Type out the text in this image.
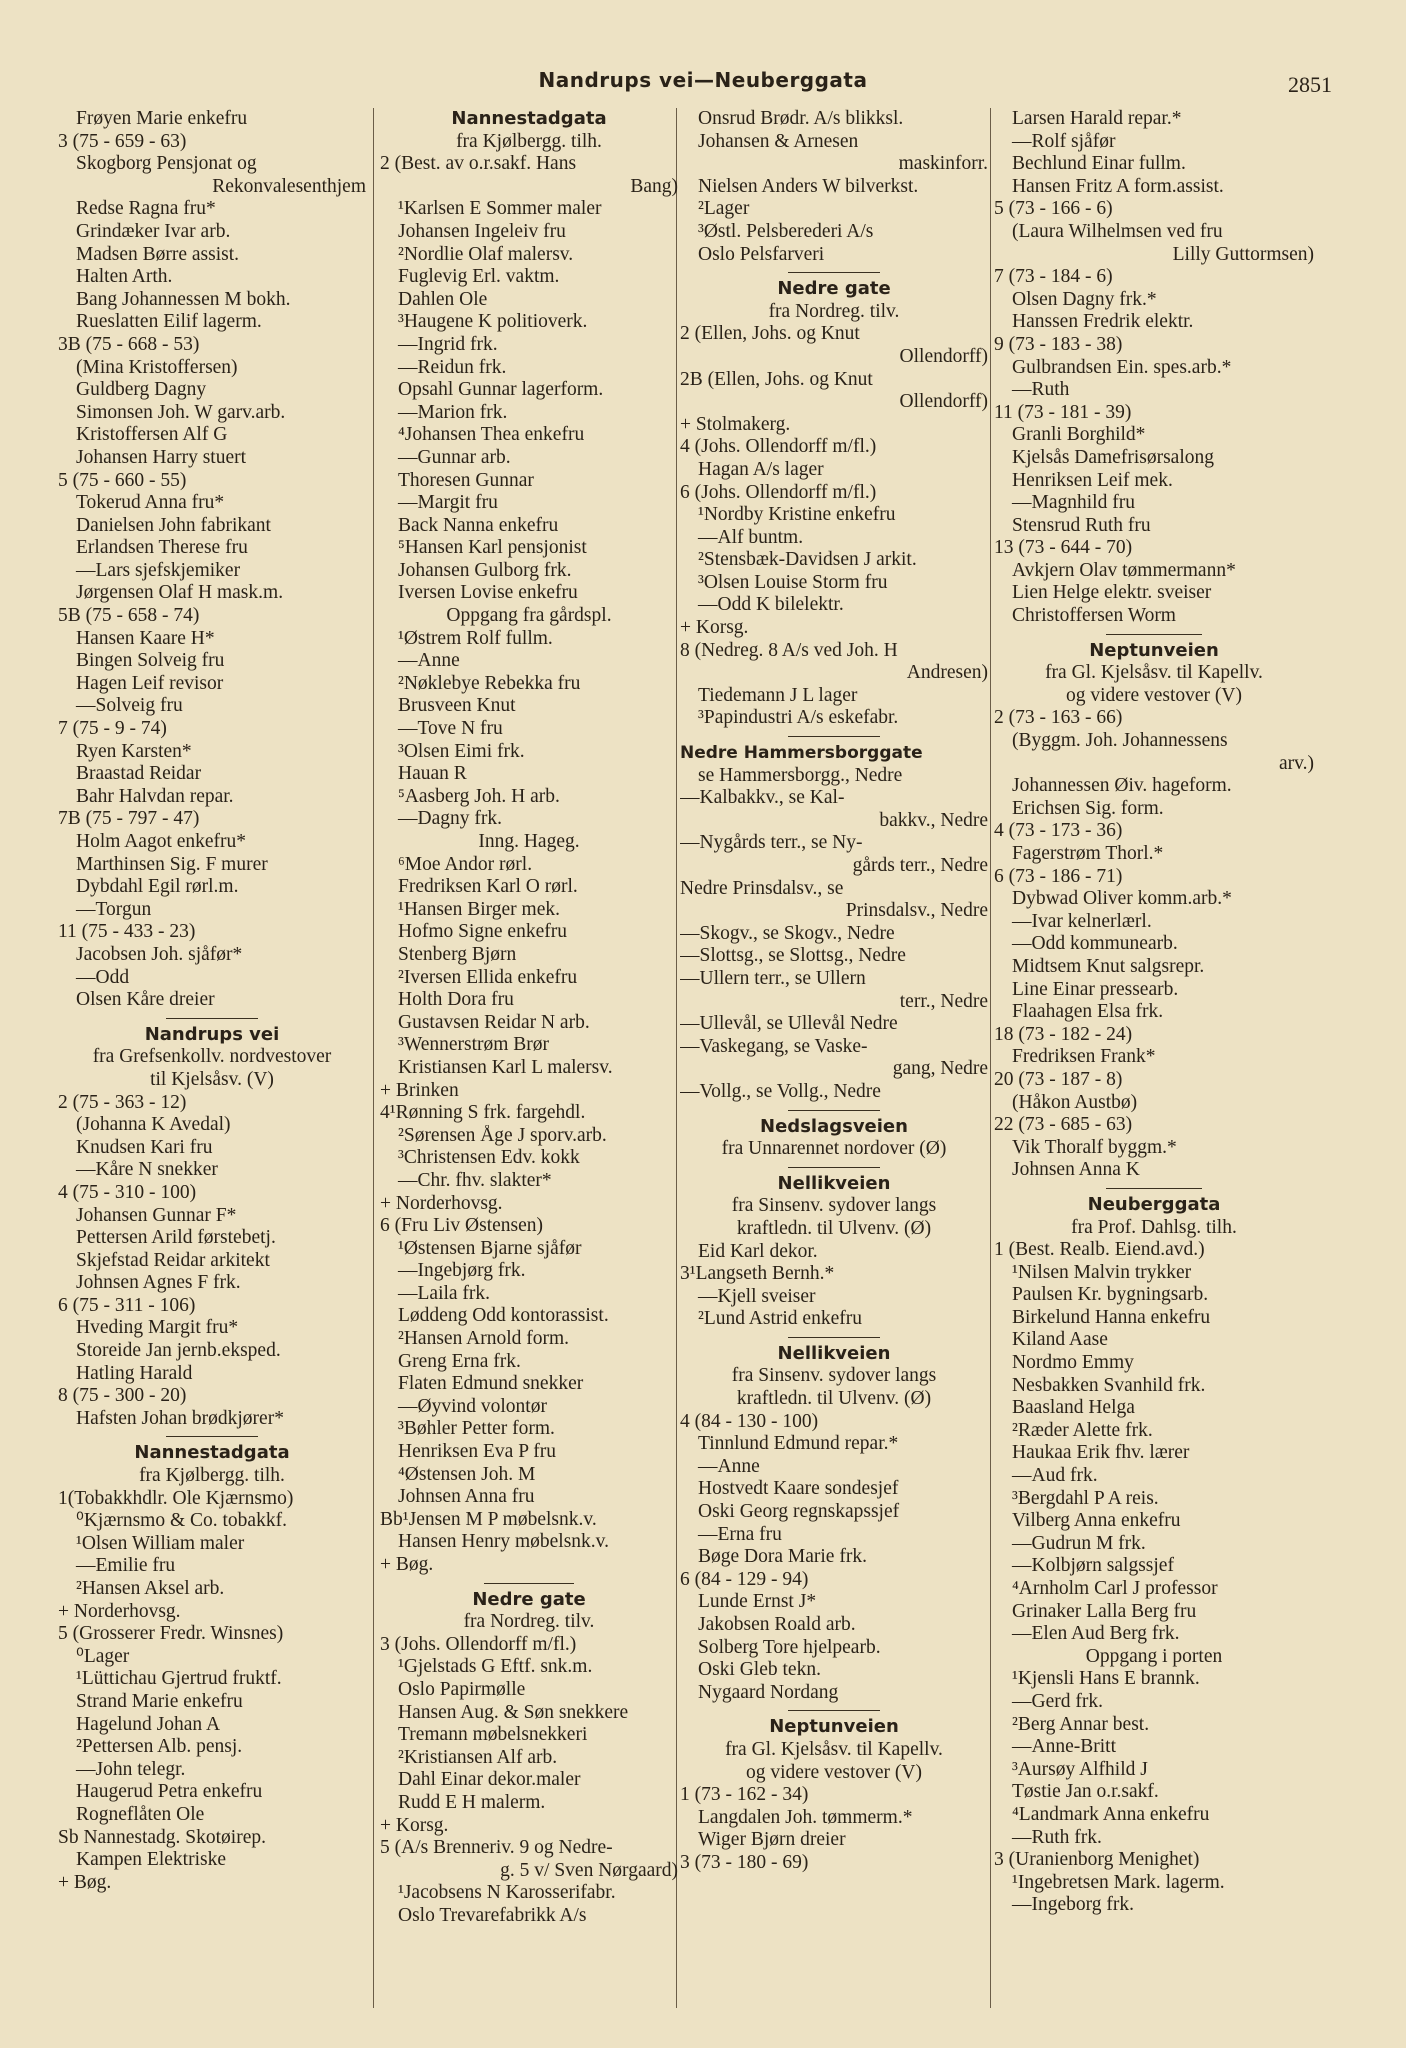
Nandrups vei—Neuberggata	2851
Frøyen Marie enkefru
3 (75 - 659 - 63)
Skogborg Pensjonat og
Rekonvalesenthjem
Redse Ragna fru*
Grindæker Ivar arb.
Madsen Børre assist.
Halten Arth.
Bang Johannessen M bokh.
Rueslatten Eilif lagerm.
3B (75 - 668 - 53)
(Mina Kristoffersen)
Guldberg Dagny
Simonsen Joh. W garv.arb.
Kristoffersen Alf G
Johansen Harry stuert
5 (75 - 660 - 55)
Tokerud Anna fru*
Danielsen John fabrikant
Erlandsen Therese fru
—Lars sjefskjemiker
Jørgensen Olaf H mask.m.
5B (75 - 658 - 74)
Hansen Kaare H*
Bingen Solveig fru
Hagen Leif revisor
—Solveig fru
7 (75 - 9 - 74)
Ryen Karsten*
Braastad Reidar
Bahr Halvdan repar.
7B (75 - 797 - 47)
Holm Aagot enkefru*
Marthinsen Sig. F murer
Dybdahl Egil rørl.m.
—Torgun
11 (75 - 433 - 23)
Jacobsen Joh. sjåfør*
—Odd
Olsen Kåre dreier
Nandrups vei
fra Grefsenkollv. nordvestover
til Kjelsåsv. (V)
2 (75 - 363 - 12)
(Johanna K Avedal)
Knudsen Kari fru
—Kåre N snekker
4 (75 - 310 - 100)
Johansen Gunnar F*
Pettersen Arild førstebetj.
Skjefstad Reidar arkitekt
Johnsen Agnes F frk.
6 (75 - 311 - 106)
Hveding Margit fru*
Storeide Jan jernb.eksped.
Hatling Harald
8 (75 - 300 - 20)
Hafsten Johan brødkjører*
Nannestadgata
fra Kjølbergg. tilh.
1(Tobakkhdlr. Ole Kjærnsmo)
⁰Kjærnsmo & Co. tobakkf.
¹Olsen William maler
—Emilie fru
²Hansen Aksel arb.
+ Norderhovsg.
5 (Grosserer Fredr. Winsnes)
⁰Lager
¹Lüttichau Gjertrud fruktf.
Strand Marie enkefru
Hagelund Johan A
²Pettersen Alb. pensj.
—John telegr.
Haugerud Petra enkefru
Rogneflåten Ole
Sb Nannestadg. Skotøirep.
Kampen Elektriske
+ Bøg.
Nannestadgata
fra Kjølbergg. tilh.
2 (Best. av o.r.sakf. Hans
Bang)
¹Karlsen E Sommer maler
Johansen Ingeleiv fru
²Nordlie Olaf malersv.
Fuglevig Erl. vaktm.
Dahlen Ole
³Haugene K politioverk.
—Ingrid frk.
—Reidun frk.
Opsahl Gunnar lagerform.
—Marion frk.
⁴Johansen Thea enkefru
—Gunnar arb.
Thoresen Gunnar
—Margit fru
Back Nanna enkefru
⁵Hansen Karl pensjonist
Johansen Gulborg frk.
Iversen Lovise enkefru
Oppgang fra gårdspl.
¹Østrem Rolf fullm.
—Anne
²Nøklebye Rebekka fru
Brusveen Knut
—Tove N fru
³Olsen Eimi frk.
Hauan R
⁵Aasberg Joh. H arb.
—Dagny frk.
Inng. Hageg.
⁶Moe Andor rørl.
Fredriksen Karl O rørl.
¹Hansen Birger mek.
Hofmo Signe enkefru
Stenberg Bjørn
²Iversen Ellida enkefru
Holth Dora fru
Gustavsen Reidar N arb.
³Wennerstrøm Brør
Kristiansen Karl L malersv.
+ Brinken
4¹Rønning S frk. fargehdl.
²Sørensen Åge J sporv.arb.
³Christensen Edv. kokk
—Chr. fhv. slakter*
+ Norderhovsg.
6 (Fru Liv Østensen)
¹Østensen Bjarne sjåfør
—Ingebjørg frk.
—Laila frk.
Løddeng Odd kontorassist.
²Hansen Arnold form.
Greng Erna frk.
Flaten Edmund snekker
—Øyvind volontør
³Bøhler Petter form.
Henriksen Eva P fru
⁴Østensen Joh. M
Johnsen Anna fru
Bb¹Jensen M P møbelsnk.v.
Hansen Henry møbelsnk.v.
+ Bøg.
Nedre gate
fra Nordreg. tilv.
3 (Johs. Ollendorff m/fl.)
¹Gjelstads G Eftf. snk.m.
Oslo Papirmølle
Hansen Aug. & Søn snekkere
Tremann møbelsnekkeri
²Kristiansen Alf arb.
Dahl Einar dekor.maler
Rudd E H malerm.
+ Korsg.
5 (A/s Brenneriv. 9 og Nedre-
g. 5 v/ Sven Nørgaard)
¹Jacobsens N Karosserifabr.
Oslo Trevarefabrikk A/s
Onsrud Brødr. A/s blikksl.
Johansen & Arnesen
maskinforr.
Nielsen Anders W bilverkst.
²Lager
³Østl. Pelsberederi A/s
Oslo Pelsfarveri
Nedre gate
fra Nordreg. tilv.
2 (Ellen, Johs. og Knut
Ollendorff)
2B (Ellen, Johs. og Knut
Ollendorff)
+ Stolmakerg.
4 (Johs. Ollendorff m/fl.)
Hagan A/s lager
6 (Johs. Ollendorff m/fl.)
¹Nordby Kristine enkefru
—Alf buntm.
²Stensbæk-Davidsen J arkit.
³Olsen Louise Storm fru
—Odd K bilelektr.
+ Korsg.
8 (Nedreg. 8 A/s ved Joh. H
Andresen)
Tiedemann J L lager
³Papindustri A/s eskefabr.
Nedre Hammersborggate
se Hammersborgg., Nedre
—Kalbakkv., se Kal-
bakkv., Nedre
—Nygårds terr., se Ny-
gårds terr., Nedre
Nedre Prinsdalsv., se
Prinsdalsv., Nedre
—Skogv., se Skogv., Nedre
—Slottsg., se Slottsg., Nedre
—Ullern terr., se Ullern
terr., Nedre
—Ullevål, se Ullevål Nedre
—Vaskegang, se Vaske-
gang, Nedre
—Vollg., se Vollg., Nedre
Nedslagsveien
fra Unnarennet nordover (Ø)
Nellikveien
fra Sinsenv. sydover langs
kraftledn. til Ulvenv. (Ø)
Eid Karl dekor.
3¹Langseth Bernh.*
—Kjell sveiser
²Lund Astrid enkefru
Nellikveien
fra Sinsenv. sydover langs
kraftledn. til Ulvenv. (Ø)
4 (84 - 130 - 100)
Tinnlund Edmund repar.*
—Anne
Hostvedt Kaare sondesjef
Oski Georg regnskapssjef
—Erna fru
Bøge Dora Marie frk.
6 (84 - 129 - 94)
Lunde Ernst J*
Jakobsen Roald arb.
Solberg Tore hjelpearb.
Oski Gleb tekn.
Nygaard Nordang
Neptunveien
fra Gl. Kjelsåsv. til Kapellv.
og videre vestover (V)
1 (73 - 162 - 34)
Langdalen Joh. tømmerm.*
Wiger Bjørn dreier
3 (73 - 180 - 69)
Larsen Harald repar.*
—Rolf sjåfør
Bechlund Einar fullm.
Hansen Fritz A form.assist.
5 (73 - 166 - 6)
(Laura Wilhelmsen ved fru
Lilly Guttormsen)
7 (73 - 184 - 6)
Olsen Dagny frk.*
Hanssen Fredrik elektr.
9 (73 - 183 - 38)
Gulbrandsen Ein. spes.arb.*
—Ruth
11 (73 - 181 - 39)
Granli Borghild*
Kjelsås Damefrisørsalong
Henriksen Leif mek.
—Magnhild fru
Stensrud Ruth fru
13 (73 - 644 - 70)
Avkjern Olav tømmermann*
Lien Helge elektr. sveiser
Christoffersen Worm
Neptunveien
fra Gl. Kjelsåsv. til Kapellv.
og videre vestover (V)
2 (73 - 163 - 66)
(Byggm. Joh. Johannessens
arv.)
Johannessen Øiv. hageform.
Erichsen Sig. form.
4 (73 - 173 - 36)
Fagerstrøm Thorl.*
6 (73 - 186 - 71)
Dybwad Oliver komm.arb.*
—Ivar kelnerlærl.
—Odd kommunearb.
Midtsem Knut salgsrepr.
Line Einar pressearb.
Flaahagen Elsa frk.
18 (73 - 182 - 24)
Fredriksen Frank*
20 (73 - 187 - 8)
(Håkon Austbø)
22 (73 - 685 - 63)
Vik Thoralf byggm.*
Johnsen Anna K
Neuberggata
fra Prof. Dahlsg. tilh.
1 (Best. Realb. Eiend.avd.)
¹Nilsen Malvin trykker
Paulsen Kr. bygningsarb.
Birkelund Hanna enkefru
Kiland Aase
Nordmo Emmy
Nesbakken Svanhild frk.
Baasland Helga
²Ræder Alette frk.
Haukaa Erik fhv. lærer
—Aud frk.
³Bergdahl P A reis.
Vilberg Anna enkefru
—Gudrun M frk.
—Kolbjørn salgssjef
⁴Arnholm Carl J professor
Grinaker Lalla Berg fru
—Elen Aud Berg frk.
Oppgang i porten
¹Kjensli Hans E brannk.
—Gerd frk.
²Berg Annar best.
—Anne-Britt
³Aursøy Alfhild J
Tøstie Jan o.r.sakf.
⁴Landmark Anna enkefru
—Ruth frk.
3 (Uranienborg Menighet)
¹Ingebretsen Mark. lagerm.
—Ingeborg frk.
